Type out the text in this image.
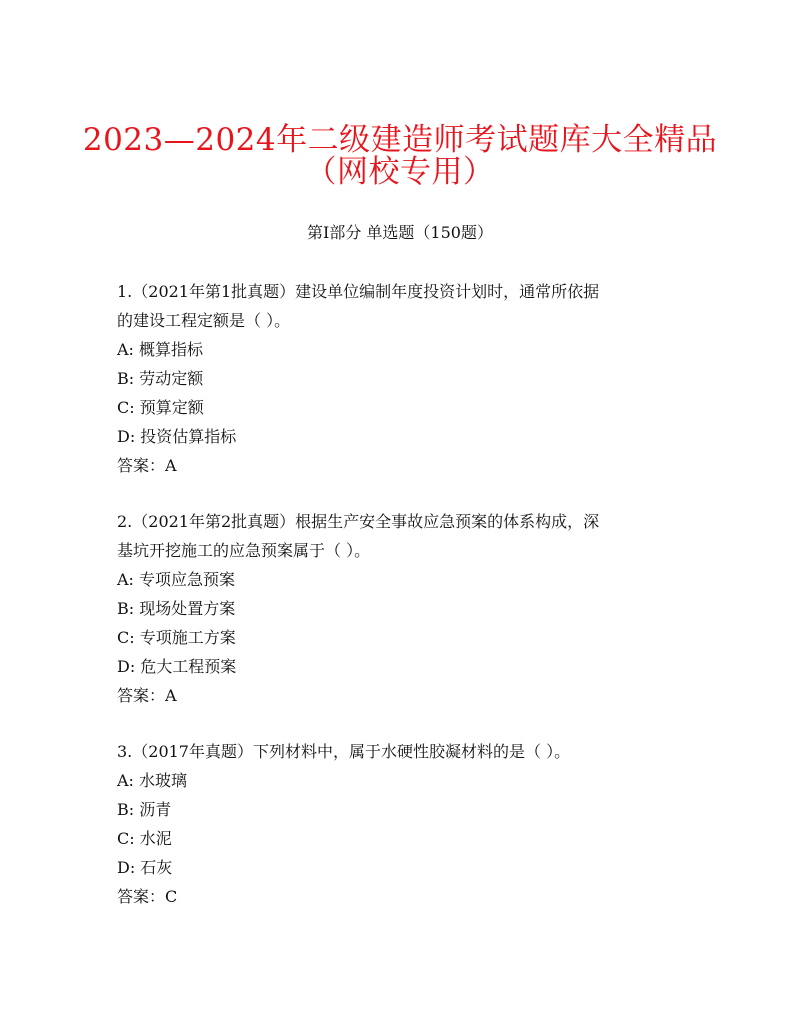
2023—2024年二级建造师考试题库大全精品
（网校专用）
第I部分 单选题（150题）
1.（2021年第1批真题）建设单位编制年度投资计划时，通常所依据
的建设工程定额是（ ）。
A: 概算指标
B: 劳动定额
C: 预算定额
D: 投资估算指标
答案：A
2.（2021年第2批真题）根据生产安全事故应急预案的体系构成，深
基坑开挖施工的应急预案属于（ ）。
A: 专项应急预案
B: 现场处置方案
C: 专项施工方案
D: 危大工程预案
答案：A
3.（2017年真题）下列材料中，属于水硬性胶凝材料的是（ ）。
A: 水玻璃
B: 沥青
C: 水泥
D: 石灰
答案：C
